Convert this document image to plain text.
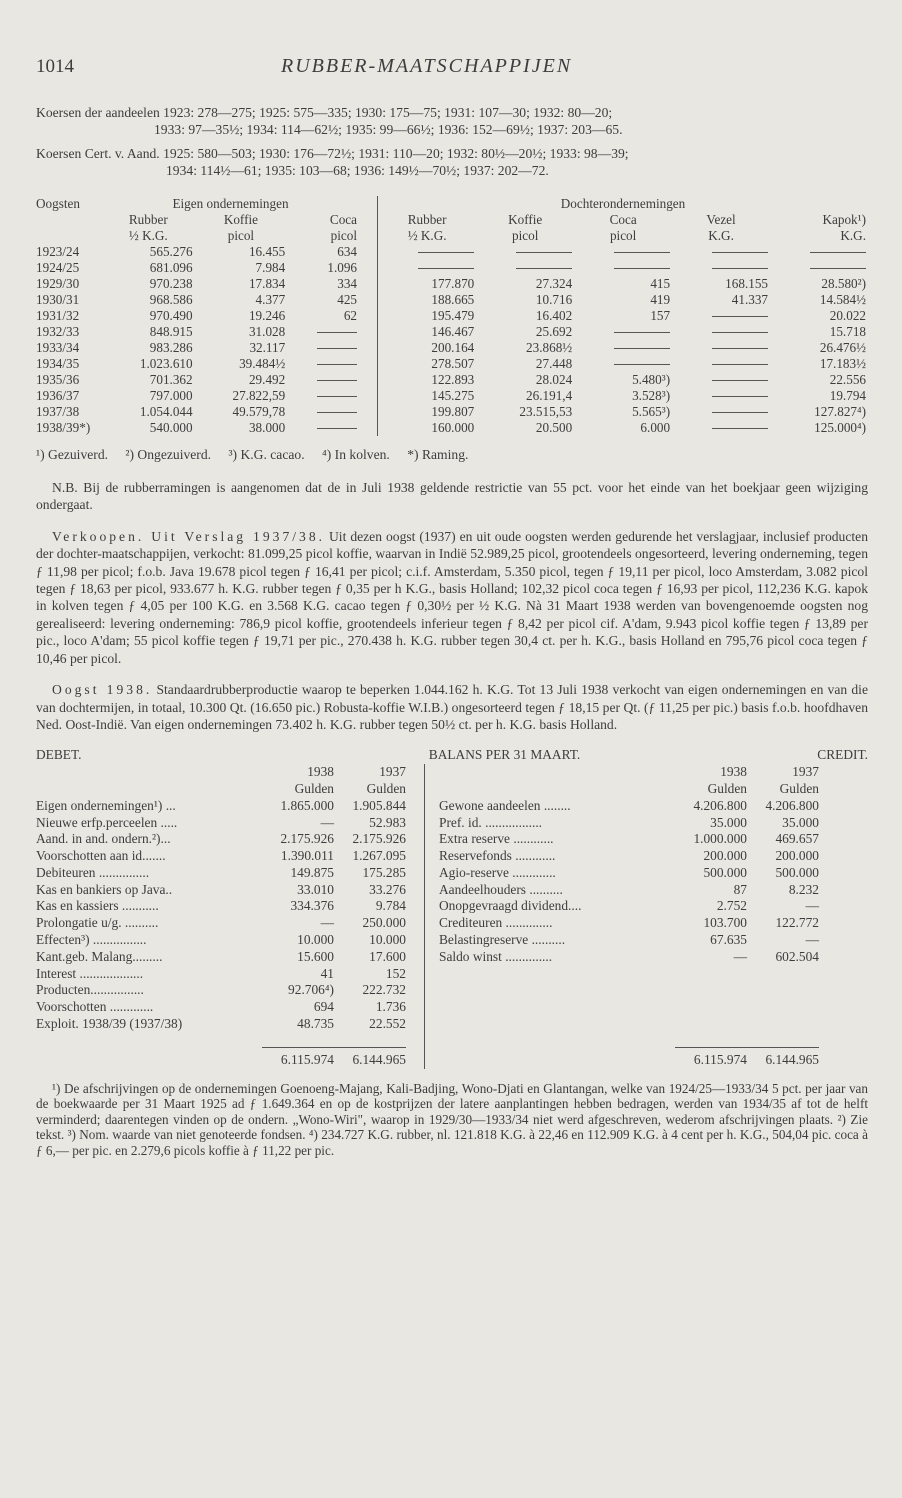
1014	RUBBER-MAATSCHAPPIJEN
Koersen der aandeelen 1923: 278—275; 1925: 575—335; 1930: 175—75; 1931: 107—30; 1932: 80—20;
1933: 97—35½; 1934: 114—62½; 1935: 99—66½; 1936: 152—69½; 1937: 203—65.
Koersen Cert. v. Aand. 1925: 580—503; 1930: 176—72½; 1931: 110—20; 1932: 80½—20½; 1933: 98—39;
1934: 114½—61; 1935: 103—68; 1936: 149½—70½; 1937: 202—72.
Oogsten	Eigen ondernemingen				Dochterondernemingen				
	Rubber	Koffie	Coca		Rubber	Koffie	Coca	Vezel	Kapok¹)
	½ K.G.	picol	picol		½ K.G.	picol	picol	K.G.	K.G.
1923/24	565.276	16.455	634						
1924/25	681.096	7.984	1.096						
1929/30	970.238	17.834	334		177.870	27.324	415	168.155	28.580²)
1930/31	968.586	4.377	425		188.665	10.716	419	41.337	14.584½
1931/32	970.490	19.246	62		195.479	16.402	157		20.022
1932/33	848.915	31.028			146.467	25.692			15.718
1933/34	983.286	32.117			200.164	23.868½			26.476½
1934/35	1.023.610	39.484½			278.507	27.448			17.183½
1935/36	701.362	29.492			122.893	28.024	5.480³)		22.556
1936/37	797.000	27.822,59			145.275	26.191,4	3.528³)		19.794
1937/38	1.054.044	49.579,78			199.807	23.515,53	5.565³)		127.827⁴)
1938/39*)	540.000	38.000			160.000	20.500	6.000		125.000⁴)
¹) Gezuiverd. ²) Ongezuiverd. ³) K.G. cacao. ⁴) In kolven. *) Raming.

N.B. Bij de rubberramingen is aangenomen dat de in Juli 1938 geldende restrictie van 55 pct. voor het einde van het boekjaar geen wijziging ondergaat.

Verkoopen. Uit Verslag 1937/38. Uit dezen oogst (1937) en uit oude oogsten werden gedurende het verslagjaar, inclusief producten der dochter-maatschappijen, verkocht: 81.099,25 picol koffie, waarvan in Indië 52.989,25 picol, grootendeels ongesorteerd, levering onderneming, tegen ƒ 11,98 per picol; f.o.b. Java 19.678 picol tegen ƒ 16,41 per picol; c.i.f. Amsterdam, 5.350 picol, tegen ƒ 19,11 per picol, loco Amsterdam, 3.082 picol tegen ƒ 18,63 per picol, 933.677 h. K.G. rubber tegen ƒ 0,35 per h K.G., basis Holland; 102,32 picol coca tegen ƒ 16,93 per picol, 112,236 K.G. kapok in kolven tegen ƒ 4,05 per 100 K.G. en 3.568 K.G. cacao tegen ƒ 0,30½ per ½ K.G. Nà 31 Maart 1938 werden van bovengenoemde oogsten nog gerealiseerd: levering onderneming: 786,9 picol koffie, grootendeels inferieur tegen ƒ 8,42 per picol cif. A'dam, 9.943 picol koffie tegen ƒ 13,89 per pic., loco A'dam; 55 picol koffie tegen ƒ 19,71 per pic., 270.438 h. K.G. rubber tegen 30,4 ct. per h. K.G., basis Holland en 795,76 picol coca tegen ƒ 10,46 per picol.

Oogst 1938. Standaardrubberproductie waarop te beperken 1.044.162 h. K.G. Tot 13 Juli 1938 verkocht van eigen ondernemingen en van die van dochtermijen, in totaal, 10.300 Qt. (16.650 pic.) Robusta-koffie W.I.B.) ongesorteerd tegen ƒ 18,15 per Qt. (ƒ 11,25 per pic.) basis f.o.b. hoofdhaven Ned. Oost-Indië. Van eigen ondernemingen 73.402 h. K.G. rubber tegen 50½ ct. per h. K.G. basis Holland.

DEBET.	BALANS PER 31 MAART.					CREDIT.	
	1938	1937			1938	1937	
	Gulden	Gulden			Gulden	Gulden	
Eigen ondernemingen¹) ...	1.865.000	1.905.844		Gewone aandeelen ........	4.206.800	4.206.800	
Nieuwe erfp.perceelen .....	—	52.983		Pref. id. .................	35.000	35.000	
Aand. in and. ondern.²)...	2.175.926	2.175.926		Extra reserve ............	1.000.000	469.657	
Voorschotten aan id.......	1.390.011	1.267.095		Reservefonds ............	200.000	200.000	
Debiteuren ...............	149.875	175.285		Agio-reserve .............	500.000	500.000	
Kas en bankiers op Java..	33.010	33.276		Aandeelhouders ..........	87	8.232	
Kas en kassiers ...........	334.376	9.784		Onopgevraagd dividend....	2.752	—	
Prolongatie u/g. ..........	—	250.000		Crediteuren ..............	103.700	122.772	
Effecten³) ................	10.000	10.000		Belastingreserve ..........	67.635	—	
Kant.geb. Malang.........	15.600	17.600		Saldo winst ..............	—	602.504	
Interest ...................	41	152					
Producten................	92.706⁴)	222.732					
Voorschotten .............	694	1.736					
Exploit. 1938/39 (1937/38)	48.735	22.552					

	6.115.974	6.144.965			6.115.974	6.144.965	
¹) De afschrijvingen op de ondernemingen Goenoeng-Majang, Kali-Badjing, Wono-Djati en Glantangan, welke van 1924/25—1933/34 5 pct. per jaar van de boekwaarde per 31 Maart 1925 ad ƒ 1.649.364 en op de kostprijzen der latere aanplantingen hebben bedragen, werden van 1934/35 af tot de helft verminderd; daarentegen vinden op de ondern. „Wono-Wiri", waarop in 1929/30—1933/34 niet werd afgeschreven, wederom afschrijvingen plaats. ²) Zie tekst. ³) Nom. waarde van niet genoteerde fondsen. ⁴) 234.727 K.G. rubber, nl. 121.818 K.G. à 22,46 en 112.909 K.G. à 4 cent per h. K.G., 504,04 pic. coca à ƒ 6,— per pic. en 2.279,6 picols koffie à ƒ 11,22 per pic.
